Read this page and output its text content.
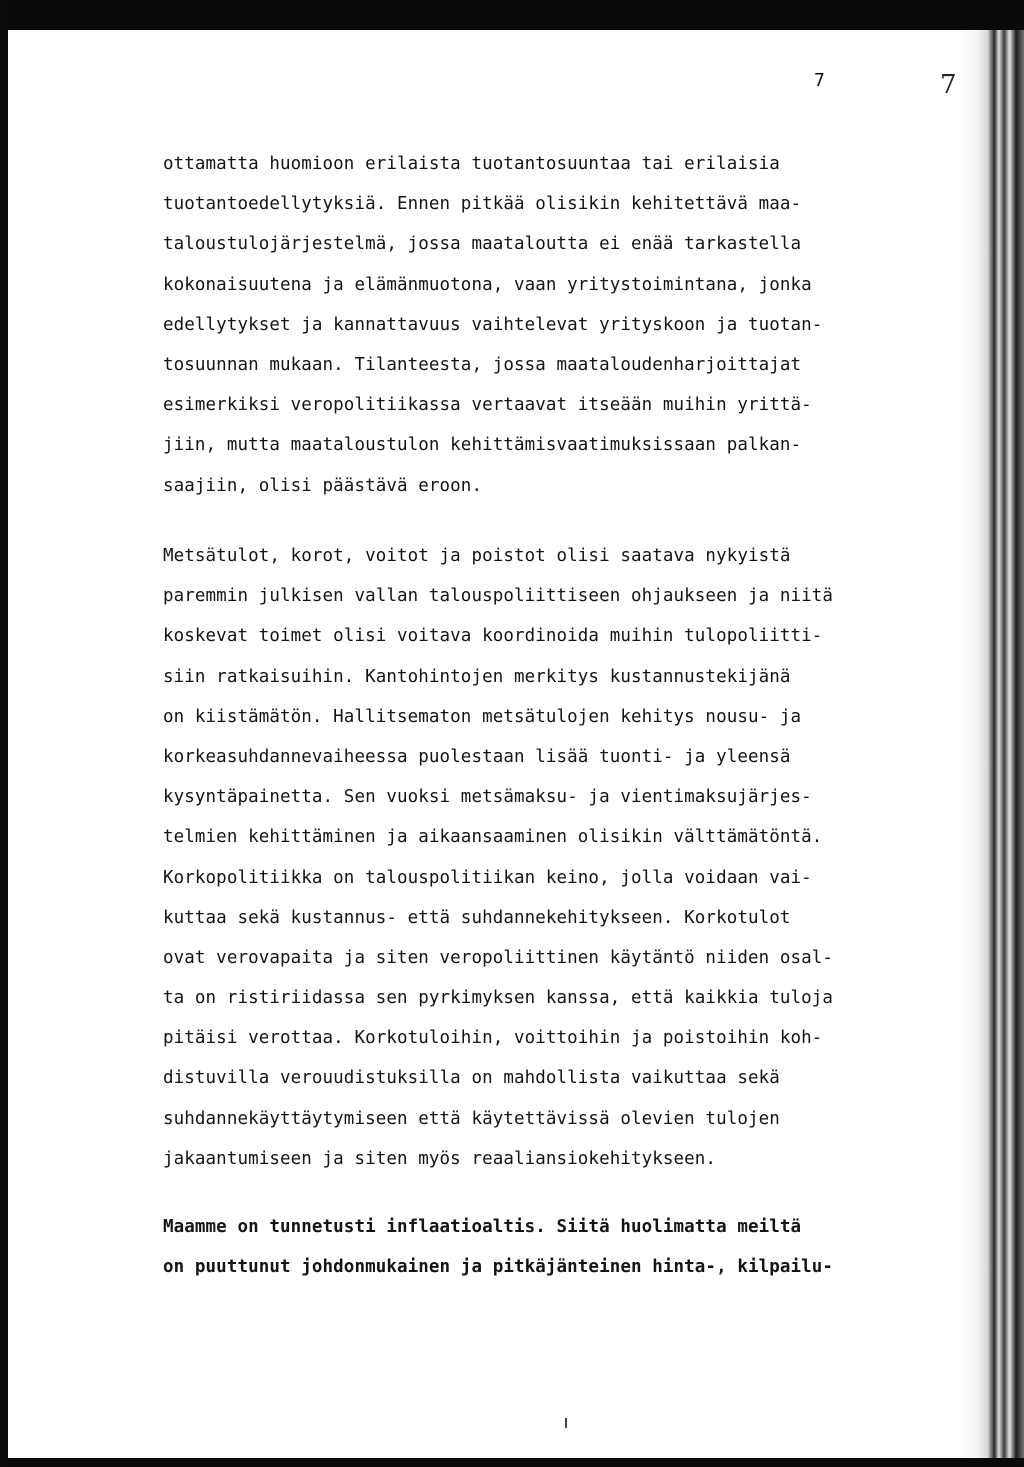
7	7
ottamatta huomioon erilaista tuotantosuuntaa tai erilaisia
tuotantoedellytyksiä. Ennen pitkää olisikin kehitettävä maa-
taloustulojärjestelmä, jossa maataloutta ei enää tarkastella
kokonaisuutena ja elämänmuotona, vaan yritystoimintana, jonka
edellytykset ja kannattavuus vaihtelevat yrityskoon ja tuotan-
tosuunnan mukaan. Tilanteesta, jossa maataloudenharjoittajat
esimerkiksi veropolitiikassa vertaavat itseään muihin yrittä-
jiin, mutta maataloustulon kehittämisvaatimuksissaan palkan-
saajiin, olisi päästävä eroon.
Metsätulot, korot, voitot ja poistot olisi saatava nykyistä
paremmin julkisen vallan talouspoliittiseen ohjaukseen ja niitä
koskevat toimet olisi voitava koordinoida muihin tulopoliitti-
siin ratkaisuihin. Kantohintojen merkitys kustannustekijänä
on kiistämätön. Hallitsematon metsätulojen kehitys nousu- ja
korkeasuhdannevaiheessa puolestaan lisää tuonti- ja yleensä
kysyntäpainetta. Sen vuoksi metsämaksu- ja vientimaksujärjes-
telmien kehittäminen ja aikaansaaminen olisikin välttämätöntä.
Korkopolitiikka on talouspolitiikan keino, jolla voidaan vai-
kuttaa sekä kustannus- että suhdannekehitykseen. Korkotulot
ovat verovapaita ja siten veropoliittinen käytäntö niiden osal-
ta on ristiriidassa sen pyrkimyksen kanssa, että kaikkia tuloja
pitäisi verottaa. Korkotuloihin, voittoihin ja poistoihin koh-
distuvilla verouudistuksilla on mahdollista vaikuttaa sekä
suhdannekäyttäytymiseen että käytettävissä olevien tulojen
jakaantumiseen ja siten myös reaaliansiokehitykseen.
Maamme on tunnetusti inflaatioaltis. Siitä huolimatta meiltä
on puuttunut johdonmukainen ja pitkäjänteinen hinta-, kilpailu-
